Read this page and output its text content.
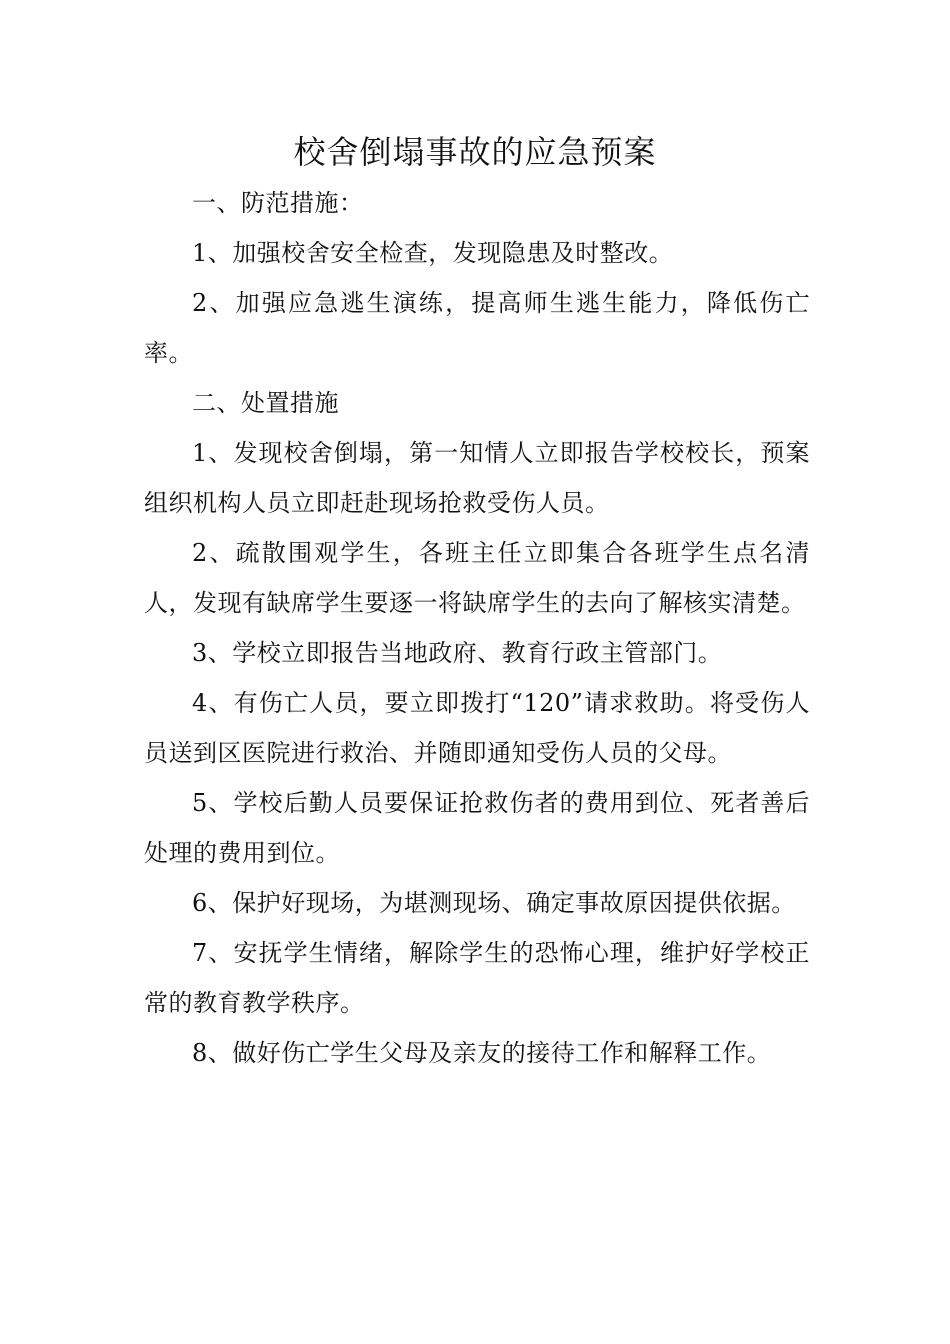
校舍倒塌事故的应急预案

一、防范措施：

1、加强校舍安全检查，发现隐患及时整改。

2、加强应急逃生演练，提高师生逃生能力，降低伤亡率。

二、处置措施

1、发现校舍倒塌，第一知情人立即报告学校校长，预案组织机构人员立即赶赴现场抢救受伤人员。

2、疏散围观学生，各班主任立即集合各班学生点名清人，发现有缺席学生要逐一将缺席学生的去向了解核实清楚。

3、学校立即报告当地政府、教育行政主管部门。

4、有伤亡人员，要立即拨打“120”请求救助。将受伤人员送到区医院进行救治、并随即通知受伤人员的父母。

5、学校后勤人员要保证抢救伤者的费用到位、死者善后处理的费用到位。

6、保护好现场，为堪测现场、确定事故原因提供依据。

7、安抚学生情绪，解除学生的恐怖心理，维护好学校正常的教育教学秩序。

8、做好伤亡学生父母及亲友的接待工作和解释工作。
